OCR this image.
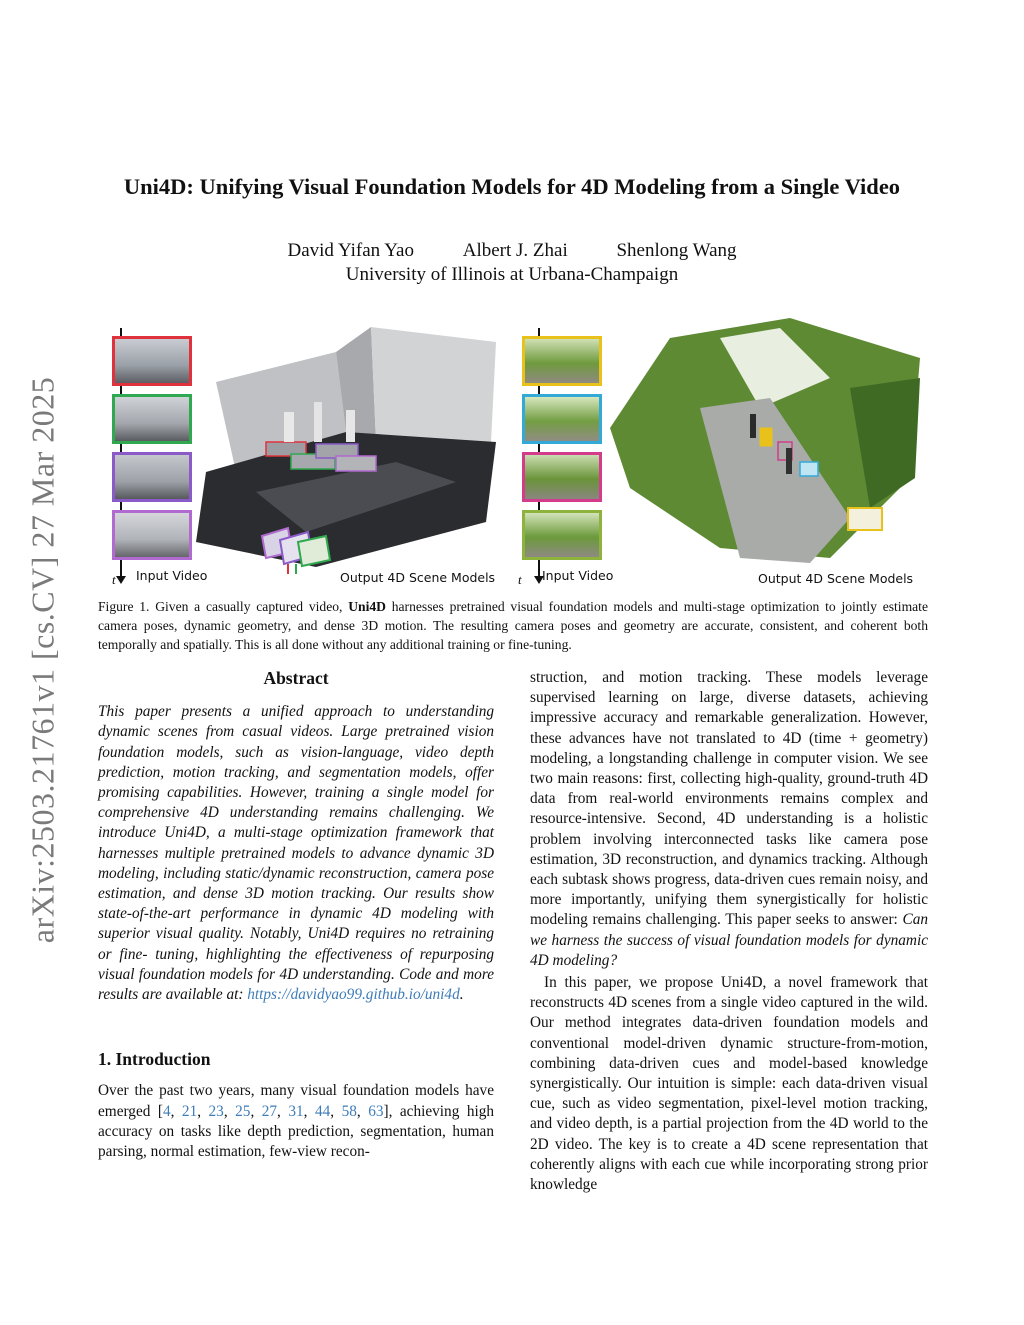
arXiv:2503.21761v1 [cs.CV] 27 Mar 2025
Uni4D: Unifying Visual Foundation Models for 4D Modeling from a Single Video
David Yifan Yao	Albert J. Zhai	Shenlong Wang
University of Illinois at Urbana-Champaign
t Input Video	Output 4D Scene Models t Input Video	Output 4D Scene Models
Figure 1. Given a casually captured video, Uni4D harnesses pretrained visual foundation models and multi-stage optimization to jointly estimate camera poses, dynamic geometry, and dense 3D motion. The resulting camera poses and geometry are accurate, consistent, and coherent both temporally and spatially. This is all done without any additional training or fine-tuning.
Abstract

This paper presents a unified approach to understanding dynamic scenes from casual videos. Large pretrained vision foundation models, such as vision-language, video depth prediction, motion tracking, and segmentation models, offer promising capabilities. However, training a single model for comprehensive 4D understanding remains challenging. We introduce Uni4D, a multi-stage optimization framework that harnesses multiple pretrained models to advance dynamic 3D modeling, including static/dynamic reconstruction, camera pose estimation, and dense 3D motion tracking. Our results show state-of-the-art performance in dynamic 4D modeling with superior visual quality. Notably, Uni4D requires no retraining or fine- tuning, highlighting the effectiveness of repurposing visual foundation models for 4D understanding. Code and more results are available at: https://davidyao99.github.io/uni4d.

1. Introduction

Over the past two years, many visual foundation models have emerged [4, 21, 23, 25, 27, 31, 44, 58, 63], achieving high accuracy on tasks like depth prediction, segmentation, human parsing, normal estimation, few-view recon-

struction, and motion tracking. These models leverage supervised learning on large, diverse datasets, achieving impressive accuracy and remarkable generalization. However, these advances have not translated to 4D (time + geometry) modeling, a longstanding challenge in computer vision. We see two main reasons: first, collecting high-quality, ground-truth 4D data from real-world environments remains complex and resource-intensive. Second, 4D understanding is a holistic problem involving interconnected tasks like camera pose estimation, 3D reconstruction, and dynamics tracking. Although each subtask shows progress, data-driven cues remain noisy, and more importantly, unifying them synergistically for holistic modeling remains challenging. This paper seeks to answer: Can we harness the success of visual foundation models for dynamic 4D modeling?

In this paper, we propose Uni4D, a novel framework that reconstructs 4D scenes from a single video captured in the wild. Our method integrates data-driven foundation models and conventional model-driven dynamic structure-from-motion, combining data-driven cues and model-based knowledge synergistically. Our intuition is simple: each data-driven visual cue, such as video segmentation, pixel-level motion tracking, and video depth, is a partial projection from the 4D world to the 2D video. The key is to create a 4D scene representation that coherently aligns with each cue while incorporating strong prior knowledge
